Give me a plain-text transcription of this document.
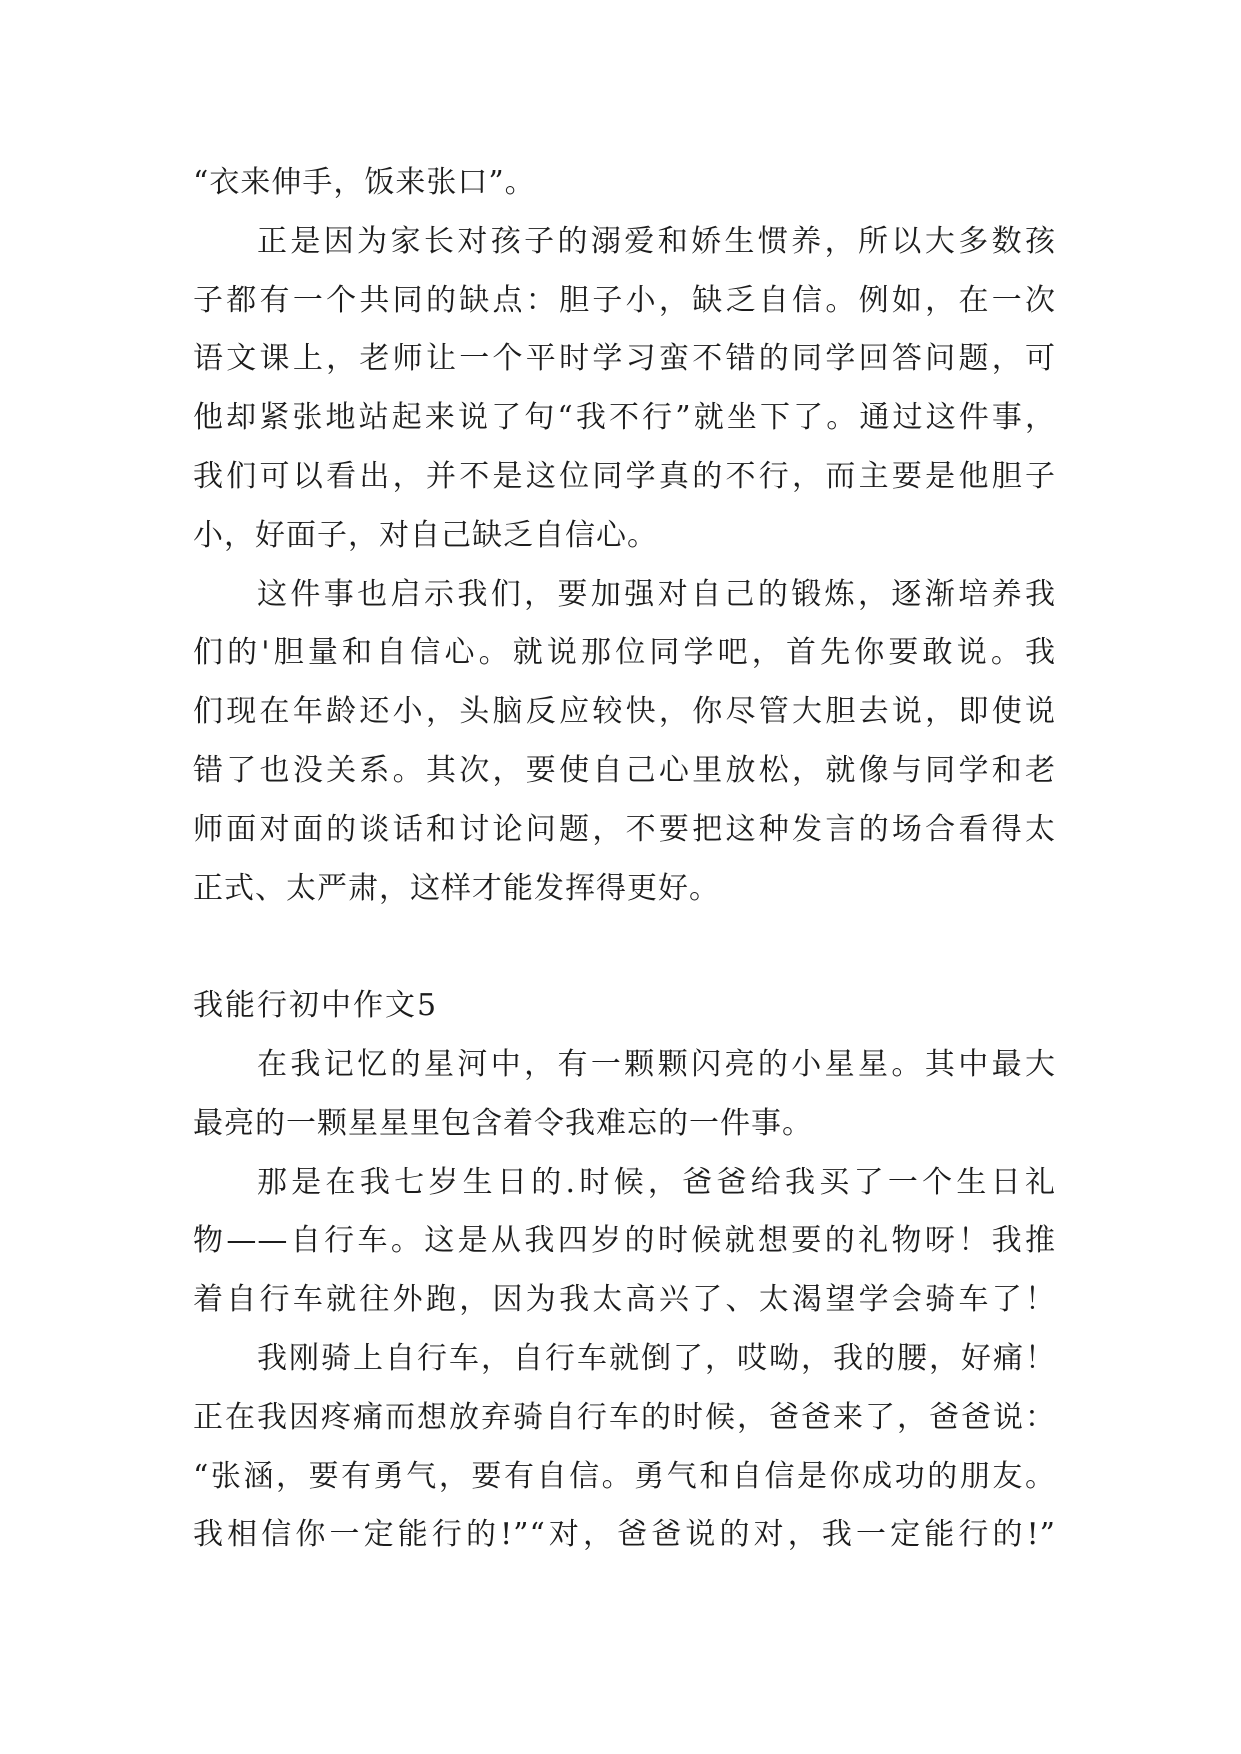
“衣来伸手，饭来张口”。
正是因为家长对孩子的溺爱和娇生惯养，所以大多数孩
子都有一个共同的缺点：胆子小，缺乏自信。例如，在一次
语文课上，老师让一个平时学习蛮不错的同学回答问题，可
他却紧张地站起来说了句“我不行”就坐下了。通过这件事，
我们可以看出，并不是这位同学真的不行，而主要是他胆子
小，好面子，对自己缺乏自信心。
这件事也启示我们，要加强对自己的锻炼，逐渐培养我
们的'胆量和自信心。就说那位同学吧，首先你要敢说。我
们现在年龄还小，头脑反应较快，你尽管大胆去说，即使说
错了也没关系。其次，要使自己心里放松，就像与同学和老
师面对面的谈话和讨论问题，不要把这种发言的场合看得太
正式、太严肃，这样才能发挥得更好。
我能行初中作文5
在我记忆的星河中，有一颗颗闪亮的小星星。其中最大
最亮的一颗星星里包含着令我难忘的一件事。
那是在我七岁生日的.时候，爸爸给我买了一个生日礼
物——自行车。这是从我四岁的时候就想要的礼物呀！我推
着自行车就往外跑，因为我太高兴了、太渴望学会骑车了！
我刚骑上自行车，自行车就倒了，哎呦，我的腰，好痛！
正在我因疼痛而想放弃骑自行车的时候，爸爸来了，爸爸说：
“张涵，要有勇气，要有自信。勇气和自信是你成功的朋友。
我相信你一定能行的!”“对，爸爸说的对，我一定能行的!”
